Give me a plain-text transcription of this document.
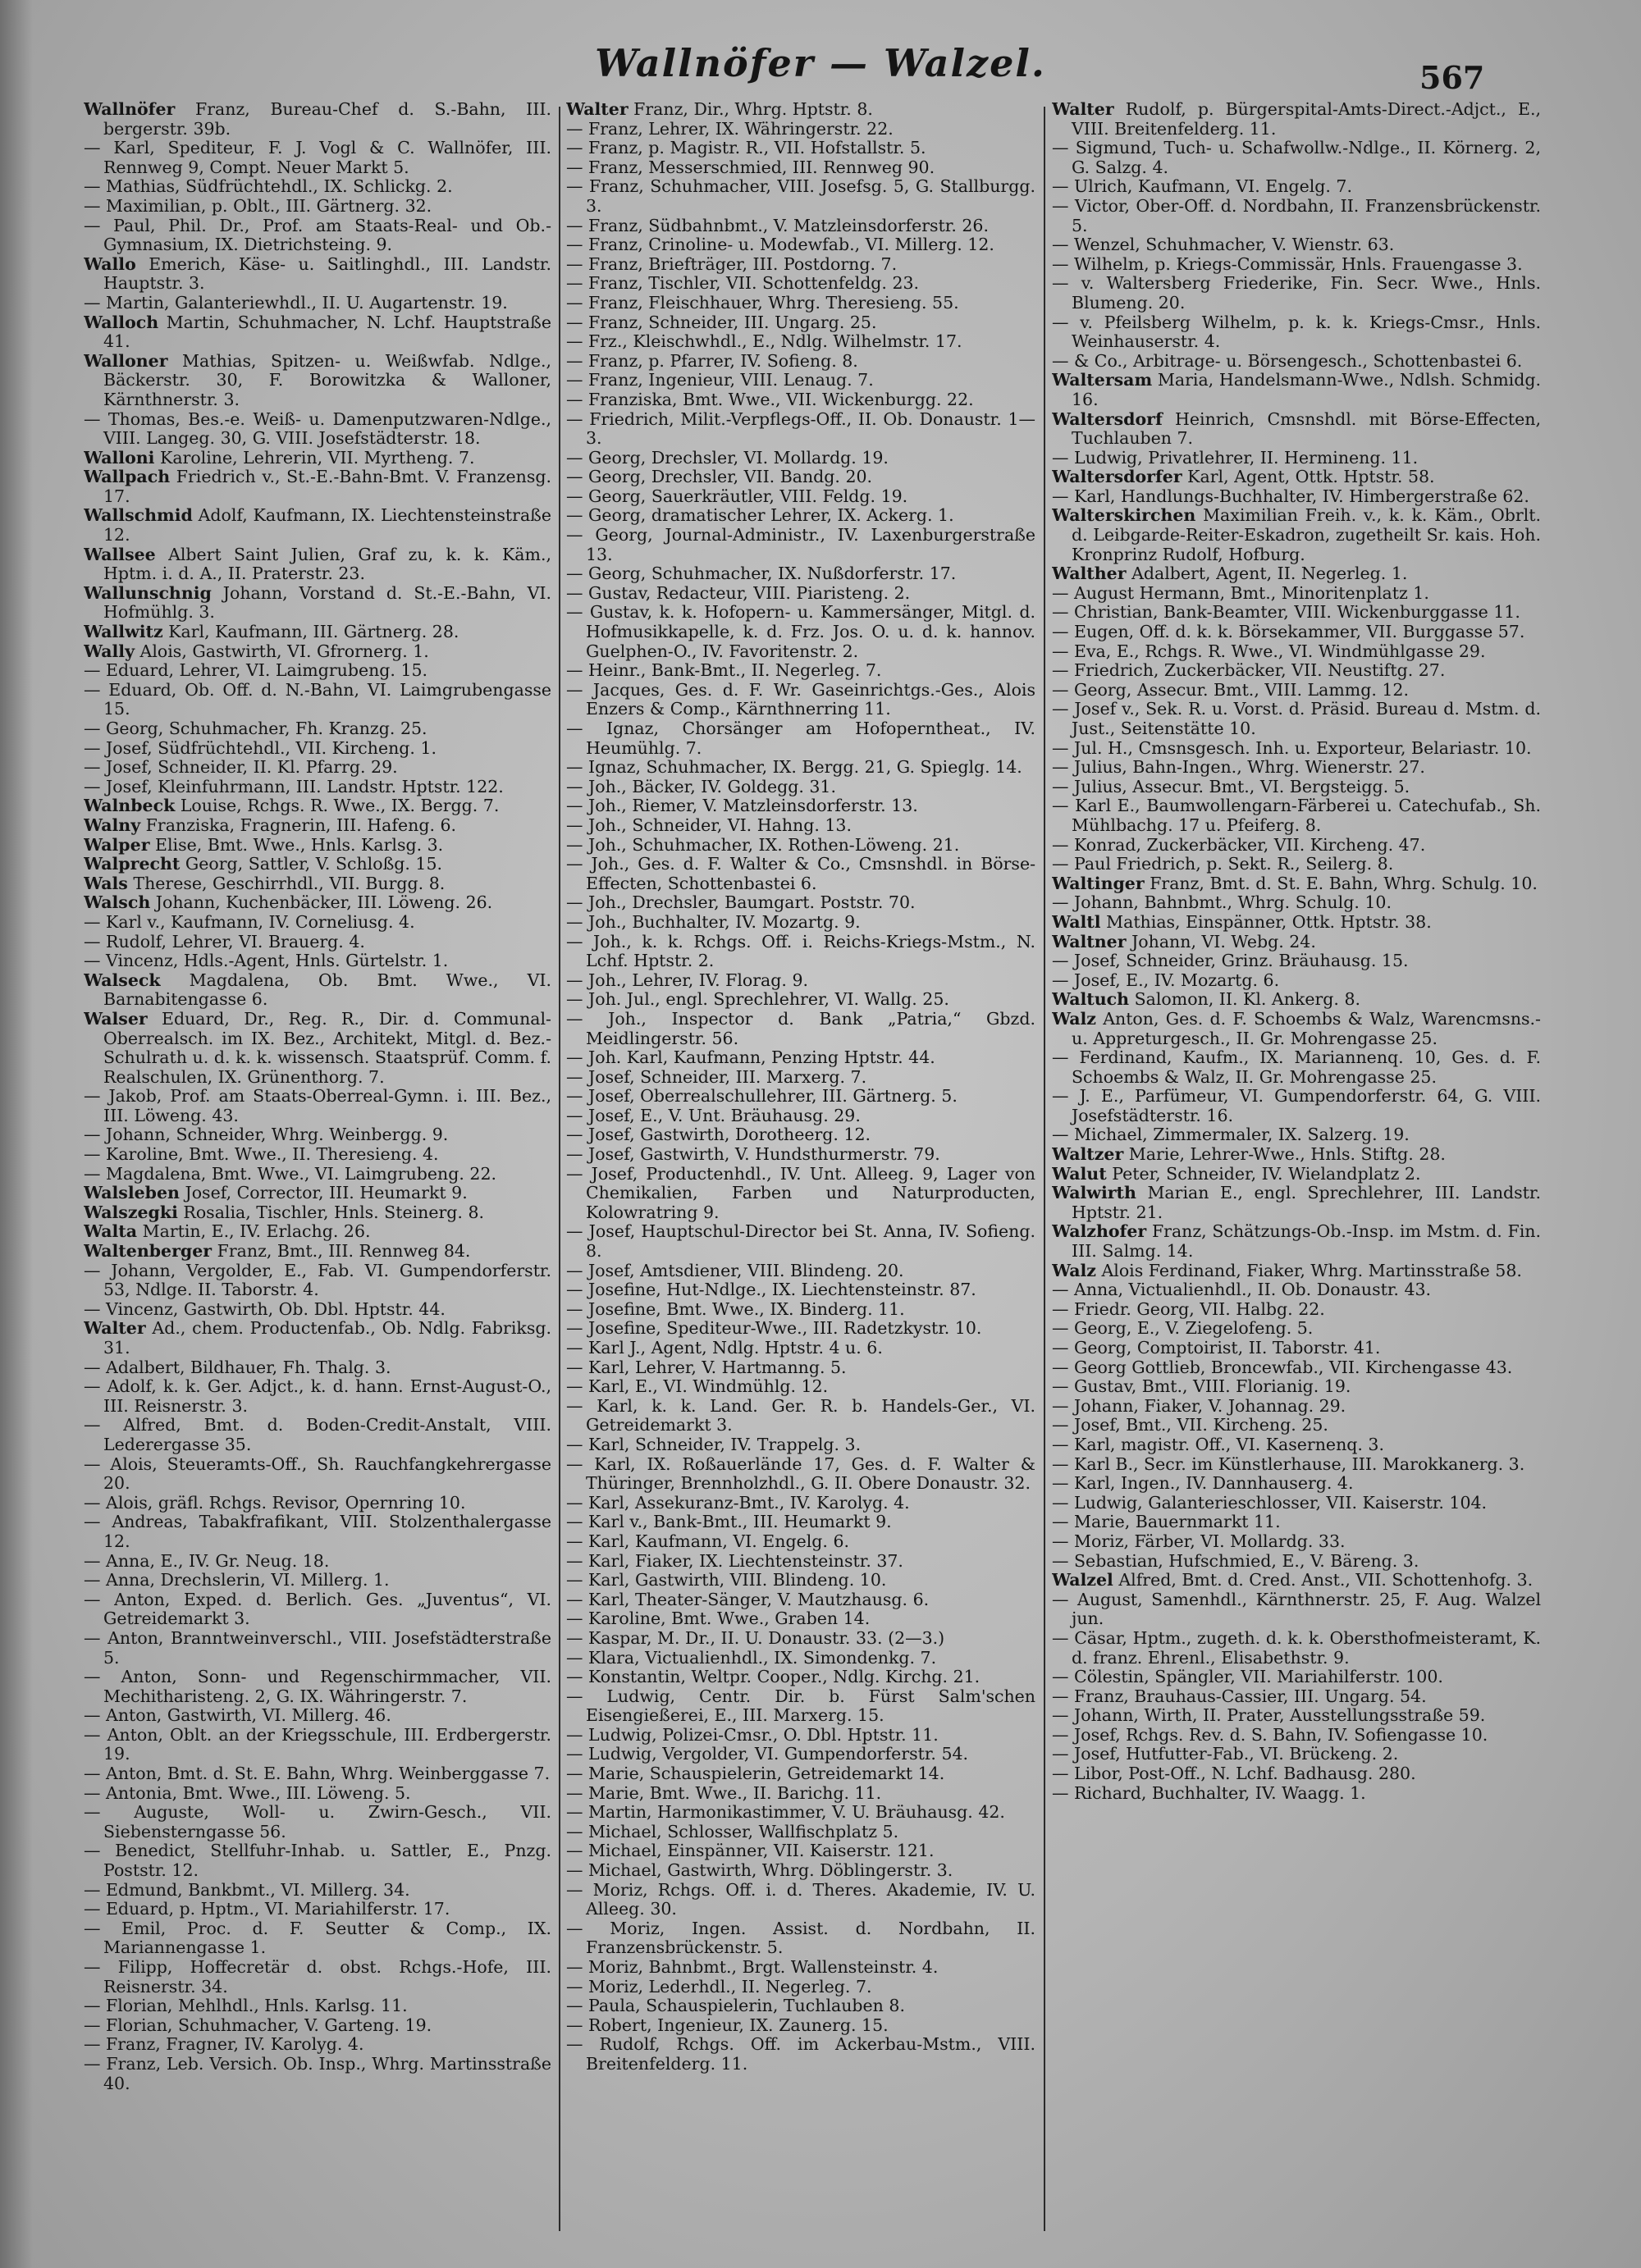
Wallnöfer — Walzel.	567
Wallnöfer Franz, Bureau-Chef d. S.-Bahn, III. bergerstr. 39b.
— Karl, Spediteur, F. J. Vogl & C. Wallnöfer, III. Rennweg 9, Compt. Neuer Markt 5.
— Mathias, Südfrüchtehdl., IX. Schlickg. 2.
— Maximilian, p. Oblt., III. Gärtnerg. 32.
— Paul, Phil. Dr., Prof. am Staats-Real- und Ob.-Gymnasium, IX. Dietrichsteing. 9.
Wallo Emerich, Käse- u. Saitlinghdl., III. Landstr. Hauptstr. 3.
— Martin, Galanteriewhdl., II. U. Augartenstr. 19.
Walloch Martin, Schuhmacher, N. Lchf. Hauptstraße 41.
Walloner Mathias, Spitzen- u. Weißwfab. Ndlge., Bäckerstr. 30, F. Borowitzka & Walloner, Kärnthnerstr. 3.
— Thomas, Bes.-e. Weiß- u. Damenputzwaren-Ndlge., VIII. Langeg. 30, G. VIII. Josefstädterstr. 18.
Walloni Karoline, Lehrerin, VII. Myrtheng. 7.
Wallpach Friedrich v., St.-E.-Bahn-Bmt. V. Franzensg. 17.
Wallschmid Adolf, Kaufmann, IX. Liechtensteinstraße 12.
Wallsee Albert Saint Julien, Graf zu, k. k. Käm., Hptm. i. d. A., II. Praterstr. 23.
Wallunschnig Johann, Vorstand d. St.-E.-Bahn, VI. Hofmühlg. 3.
Wallwitz Karl, Kaufmann, III. Gärtnerg. 28.
Wally Alois, Gastwirth, VI. Gfrornerg. 1.
— Eduard, Lehrer, VI. Laimgrubeng. 15.
— Eduard, Ob. Off. d. N.-Bahn, VI. Laimgrubengasse 15.
— Georg, Schuhmacher, Fh. Kranzg. 25.
— Josef, Südfrüchtehdl., VII. Kircheng. 1.
— Josef, Schneider, II. Kl. Pfarrg. 29.
— Josef, Kleinfuhrmann, III. Landstr. Hptstr. 122.
Walnbeck Louise, Rchgs. R. Wwe., IX. Bergg. 7.
Walny Franziska, Fragnerin, III. Hafeng. 6.
Walper Elise, Bmt. Wwe., Hnls. Karlsg. 3.
Walprecht Georg, Sattler, V. Schloßg. 15.
Wals Therese, Geschirrhdl., VII. Burgg. 8.
Walsch Johann, Kuchenbäcker, III. Löweng. 26.
— Karl v., Kaufmann, IV. Corneliusg. 4.
— Rudolf, Lehrer, VI. Brauerg. 4.
— Vincenz, Hdls.-Agent, Hnls. Gürtelstr. 1.
Walseck Magdalena, Ob. Bmt. Wwe., VI. Barnabitengasse 6.
Walser Eduard, Dr., Reg. R., Dir. d. Communal-Oberrealsch. im IX. Bez., Architekt, Mitgl. d. Bez.-Schulrath u. d. k. k. wissensch. Staatsprüf. Comm. f. Realschulen, IX. Grünenthorg. 7.
— Jakob, Prof. am Staats-Oberreal-Gymn. i. III. Bez., III. Löweng. 43.
— Johann, Schneider, Whrg. Weinbergg. 9.
— Karoline, Bmt. Wwe., II. Theresieng. 4.
— Magdalena, Bmt. Wwe., VI. Laimgrubeng. 22.
Walsleben Josef, Corrector, III. Heumarkt 9.
Walszegki Rosalia, Tischler, Hnls. Steinerg. 8.
Walta Martin, E., IV. Erlachg. 26.
Waltenberger Franz, Bmt., III. Rennweg 84.
— Johann, Vergolder, E., Fab. VI. Gumpendorferstr. 53, Ndlge. II. Taborstr. 4.
— Vincenz, Gastwirth, Ob. Dbl. Hptstr. 44.
Walter Ad., chem. Productenfab., Ob. Ndlg. Fabriksg. 31.
— Adalbert, Bildhauer, Fh. Thalg. 3.
— Adolf, k. k. Ger. Adjct., k. d. hann. Ernst-August-O., III. Reisnerstr. 3.
— Alfred, Bmt. d. Boden-Credit-Anstalt, VIII. Lederergasse 35.
— Alois, Steueramts-Off., Sh. Rauchfangkehrergasse 20.
— Alois, gräfl. Rchgs. Revisor, Opernring 10.
— Andreas, Tabakfrafikant, VIII. Stolzenthalergasse 12.
— Anna, E., IV. Gr. Neug. 18.
— Anna, Drechslerin, VI. Millerg. 1.
— Anton, Exped. d. Berlich. Ges. „Juventus“, VI. Getreidemarkt 3.
— Anton, Branntweinverschl., VIII. Josefstädterstraße 5.
— Anton, Sonn- und Regenschirmmacher, VII. Mechitharisteng. 2, G. IX. Währingerstr. 7.
— Anton, Gastwirth, VI. Millerg. 46.
— Anton, Oblt. an der Kriegsschule, III. Erdbergerstr. 19.
— Anton, Bmt. d. St. E. Bahn, Whrg. Weinberggasse 7.
— Antonia, Bmt. Wwe., III. Löweng. 5.
— Auguste, Woll- u. Zwirn-Gesch., VII. Siebensterngasse 56.
— Benedict, Stellfuhr-Inhab. u. Sattler, E., Pnzg. Poststr. 12.
— Edmund, Bankbmt., VI. Millerg. 34.
— Eduard, p. Hptm., VI. Mariahilferstr. 17.
— Emil, Proc. d. F. Seutter & Comp., IX. Mariannengasse 1.
— Filipp, Hoffecretär d. obst. Rchgs.-Hofe, III. Reisnerstr. 34.
— Florian, Mehlhdl., Hnls. Karlsg. 11.
— Florian, Schuhmacher, V. Garteng. 19.
— Franz, Fragner, IV. Karolyg. 4.
— Franz, Leb. Versich. Ob. Insp., Whrg. Martinsstraße 40.
Walter Franz, Dir., Whrg. Hptstr. 8.
— Franz, Lehrer, IX. Währingerstr. 22.
— Franz, p. Magistr. R., VII. Hofstallstr. 5.
— Franz, Messerschmied, III. Rennweg 90.
— Franz, Schuhmacher, VIII. Josefsg. 5, G. Stallburgg. 3.
— Franz, Südbahnbmt., V. Matzleinsdorferstr. 26.
— Franz, Crinoline- u. Modewfab., VI. Millerg. 12.
— Franz, Briefträger, III. Postdorng. 7.
— Franz, Tischler, VII. Schottenfeldg. 23.
— Franz, Fleischhauer, Whrg. Theresieng. 55.
— Franz, Schneider, III. Ungarg. 25.
— Frz., Kleischwhdl., E., Ndlg. Wilhelmstr. 17.
— Franz, p. Pfarrer, IV. Sofieng. 8.
— Franz, Ingenieur, VIII. Lenaug. 7.
— Franziska, Bmt. Wwe., VII. Wickenburgg. 22.
— Friedrich, Milit.-Verpflegs-Off., II. Ob. Donaustr. 1—3.
— Georg, Drechsler, VI. Mollardg. 19.
— Georg, Drechsler, VII. Bandg. 20.
— Georg, Sauerkräutler, VIII. Feldg. 19.
— Georg, dramatischer Lehrer, IX. Ackerg. 1.
— Georg, Journal-Administr., IV. Laxenburgerstraße 13.
— Georg, Schuhmacher, IX. Nußdorferstr. 17.
— Gustav, Redacteur, VIII. Piaristeng. 2.
— Gustav, k. k. Hofopern- u. Kammersänger, Mitgl. d. Hofmusikkapelle, k. d. Frz. Jos. O. u. d. k. hannov. Guelphen-O., IV. Favoritenstr. 2.
— Heinr., Bank-Bmt., II. Negerleg. 7.
— Jacques, Ges. d. F. Wr. Gaseinrichtgs.-Ges., Alois Enzers & Comp., Kärnthnerring 11.
— Ignaz, Chorsänger am Hofoperntheat., IV. Heumühlg. 7.
— Ignaz, Schuhmacher, IX. Bergg. 21, G. Spieglg. 14.
— Joh., Bäcker, IV. Goldegg. 31.
— Joh., Riemer, V. Matzleinsdorferstr. 13.
— Joh., Schneider, VI. Hahng. 13.
— Joh., Schuhmacher, IX. Rothen-Löweng. 21.
— Joh., Ges. d. F. Walter & Co., Cmsnshdl. in Börse-Effecten, Schottenbastei 6.
— Joh., Drechsler, Baumgart. Poststr. 70.
— Joh., Buchhalter, IV. Mozartg. 9.
— Joh., k. k. Rchgs. Off. i. Reichs-Kriegs-Mstm., N. Lchf. Hptstr. 2.
— Joh., Lehrer, IV. Florag. 9.
— Joh. Jul., engl. Sprechlehrer, VI. Wallg. 25.
— Joh., Inspector d. Bank „Patria,“ Gbzd. Meidlingerstr. 56.
— Joh. Karl, Kaufmann, Penzing Hptstr. 44.
— Josef, Schneider, III. Marxerg. 7.
— Josef, Oberrealschullehrer, III. Gärtnerg. 5.
— Josef, E., V. Unt. Bräuhausg. 29.
— Josef, Gastwirth, Dorotheerg. 12.
— Josef, Gastwirth, V. Hundsthurmerstr. 79.
— Josef, Productenhdl., IV. Unt. Alleeg. 9, Lager von Chemikalien, Farben und Naturproducten, Kolowratring 9.
— Josef, Hauptschul-Director bei St. Anna, IV. Sofieng. 8.
— Josef, Amtsdiener, VIII. Blindeng. 20.
— Josefine, Hut-Ndlge., IX. Liechtensteinstr. 87.
— Josefine, Bmt. Wwe., IX. Binderg. 11.
— Josefine, Spediteur-Wwe., III. Radetzkystr. 10.
— Karl J., Agent, Ndlg. Hptstr. 4 u. 6.
— Karl, Lehrer, V. Hartmanng. 5.
— Karl, E., VI. Windmühlg. 12.
— Karl, k. k. Land. Ger. R. b. Handels-Ger., VI. Getreidemarkt 3.
— Karl, Schneider, IV. Trappelg. 3.
— Karl, IX. Roßauerlände 17, Ges. d. F. Walter & Thüringer, Brennholzhdl., G. II. Obere Donaustr. 32.
— Karl, Assekuranz-Bmt., IV. Karolyg. 4.
— Karl v., Bank-Bmt., III. Heumarkt 9.
— Karl, Kaufmann, VI. Engelg. 6.
— Karl, Fiaker, IX. Liechtensteinstr. 37.
— Karl, Gastwirth, VIII. Blindeng. 10.
— Karl, Theater-Sänger, V. Mautzhausg. 6.
— Karoline, Bmt. Wwe., Graben 14.
— Kaspar, M. Dr., II. U. Donaustr. 33. (2—3.)
— Klara, Victualienhdl., IX. Simondenkg. 7.
— Konstantin, Weltpr. Cooper., Ndlg. Kirchg. 21.
— Ludwig, Centr. Dir. b. Fürst Salm'schen Eisengießerei, E., III. Marxerg. 15.
— Ludwig, Polizei-Cmsr., O. Dbl. Hptstr. 11.
— Ludwig, Vergolder, VI. Gumpendorferstr. 54.
— Marie, Schauspielerin, Getreidemarkt 14.
— Marie, Bmt. Wwe., II. Barichg. 11.
— Martin, Harmonikastimmer, V. U. Bräuhausg. 42.
— Michael, Schlosser, Wallfischplatz 5.
— Michael, Einspänner, VII. Kaiserstr. 121.
— Michael, Gastwirth, Whrg. Döblingerstr. 3.
— Moriz, Rchgs. Off. i. d. Theres. Akademie, IV. U. Alleeg. 30.
— Moriz, Ingen. Assist. d. Nordbahn, II. Franzensbrückenstr. 5.
— Moriz, Bahnbmt., Brgt. Wallensteinstr. 4.
— Moriz, Lederhdl., II. Negerleg. 7.
— Paula, Schauspielerin, Tuchlauben 8.
— Robert, Ingenieur, IX. Zaunerg. 15.
— Rudolf, Rchgs. Off. im Ackerbau-Mstm., VIII. Breitenfelderg. 11.
Walter Rudolf, p. Bürgerspital-Amts-Direct.-Adjct., E., VIII. Breitenfelderg. 11.
— Sigmund, Tuch- u. Schafwollw.-Ndlge., II. Körnerg. 2, G. Salzg. 4.
— Ulrich, Kaufmann, VI. Engelg. 7.
— Victor, Ober-Off. d. Nordbahn, II. Franzensbrückenstr. 5.
— Wenzel, Schuhmacher, V. Wienstr. 63.
— Wilhelm, p. Kriegs-Commissär, Hnls. Frauengasse 3.
— v. Waltersberg Friederike, Fin. Secr. Wwe., Hnls. Blumeng. 20.
— v. Pfeilsberg Wilhelm, p. k. k. Kriegs-Cmsr., Hnls. Weinhauserstr. 4.
— & Co., Arbitrage- u. Börsengesch., Schottenbastei 6.
Waltersam Maria, Handelsmann-Wwe., Ndlsh. Schmidg. 16.
Waltersdorf Heinrich, Cmsnshdl. mit Börse-Effecten, Tuchlauben 7.
— Ludwig, Privatlehrer, II. Hermineng. 11.
Waltersdorfer Karl, Agent, Ottk. Hptstr. 58.
— Karl, Handlungs-Buchhalter, IV. Himbergerstraße 62.
Walterskirchen Maximilian Freih. v., k. k. Käm., Obrlt. d. Leibgarde-Reiter-Eskadron, zugetheilt Sr. kais. Hoh. Kronprinz Rudolf, Hofburg.
Walther Adalbert, Agent, II. Negerleg. 1.
— August Hermann, Bmt., Minoritenplatz 1.
— Christian, Bank-Beamter, VIII. Wickenburggasse 11.
— Eugen, Off. d. k. k. Börsekammer, VII. Burggasse 57.
— Eva, E., Rchgs. R. Wwe., VI. Windmühlgasse 29.
— Friedrich, Zuckerbäcker, VII. Neustiftg. 27.
— Georg, Assecur. Bmt., VIII. Lammg. 12.
— Josef v., Sek. R. u. Vorst. d. Präsid. Bureau d. Mstm. d. Just., Seitenstätte 10.
— Jul. H., Cmsnsgesch. Inh. u. Exporteur, Belariastr. 10.
— Julius, Bahn-Ingen., Whrg. Wienerstr. 27.
— Julius, Assecur. Bmt., VI. Bergsteigg. 5.
— Karl E., Baumwollengarn-Färberei u. Catechufab., Sh. Mühlbachg. 17 u. Pfeiferg. 8.
— Konrad, Zuckerbäcker, VII. Kircheng. 47.
— Paul Friedrich, p. Sekt. R., Seilerg. 8.
Waltinger Franz, Bmt. d. St. E. Bahn, Whrg. Schulg. 10.
— Johann, Bahnbmt., Whrg. Schulg. 10.
Waltl Mathias, Einspänner, Ottk. Hptstr. 38.
Waltner Johann, VI. Webg. 24.
— Josef, Schneider, Grinz. Bräuhausg. 15.
— Josef, E., IV. Mozartg. 6.
Waltuch Salomon, II. Kl. Ankerg. 8.
Walz Anton, Ges. d. F. Schoembs & Walz, Warencmsns.- u. Appreturgesch., II. Gr. Mohrengasse 25.
— Ferdinand, Kaufm., IX. Mariannenq. 10, Ges. d. F. Schoembs & Walz, II. Gr. Mohrengasse 25.
— J. E., Parfümeur, VI. Gumpendorferstr. 64, G. VIII. Josefstädterstr. 16.
— Michael, Zimmermaler, IX. Salzerg. 19.
Waltzer Marie, Lehrer-Wwe., Hnls. Stiftg. 28.
Walut Peter, Schneider, IV. Wielandplatz 2.
Walwirth Marian E., engl. Sprechlehrer, III. Landstr. Hptstr. 21.
Walzhofer Franz, Schätzungs-Ob.-Insp. im Mstm. d. Fin. III. Salmg. 14.
Walz Alois Ferdinand, Fiaker, Whrg. Martinsstraße 58.
— Anna, Victualienhdl., II. Ob. Donaustr. 43.
— Friedr. Georg, VII. Halbg. 22.
— Georg, E., V. Ziegelofeng. 5.
— Georg, Comptoirist, II. Taborstr. 41.
— Georg Gottlieb, Broncewfab., VII. Kirchengasse 43.
— Gustav, Bmt., VIII. Florianig. 19.
— Johann, Fiaker, V. Johannag. 29.
— Josef, Bmt., VII. Kircheng. 25.
— Karl, magistr. Off., VI. Kasernenq. 3.
— Karl B., Secr. im Künstlerhause, III. Marokkanerg. 3.
— Karl, Ingen., IV. Dannhauserg. 4.
— Ludwig, Galanterieschlosser, VII. Kaiserstr. 104.
— Marie, Bauernmarkt 11.
— Moriz, Färber, VI. Mollardg. 33.
— Sebastian, Hufschmied, E., V. Bäreng. 3.
Walzel Alfred, Bmt. d. Cred. Anst., VII. Schottenhofg. 3.
— August, Samenhdl., Kärnthnerstr. 25, F. Aug. Walzel jun.
— Cäsar, Hptm., zugeth. d. k. k. Obersthofmeisteramt, K. d. franz. Ehrenl., Elisabethstr. 9.
— Cölestin, Spängler, VII. Mariahilferstr. 100.
— Franz, Brauhaus-Cassier, III. Ungarg. 54.
— Johann, Wirth, II. Prater, Ausstellungsstraße 59.
— Josef, Rchgs. Rev. d. S. Bahn, IV. Sofiengasse 10.
— Josef, Hutfutter-Fab., VI. Brückeng. 2.
— Libor, Post-Off., N. Lchf. Badhausg. 280.
— Richard, Buchhalter, IV. Waagg. 1.
